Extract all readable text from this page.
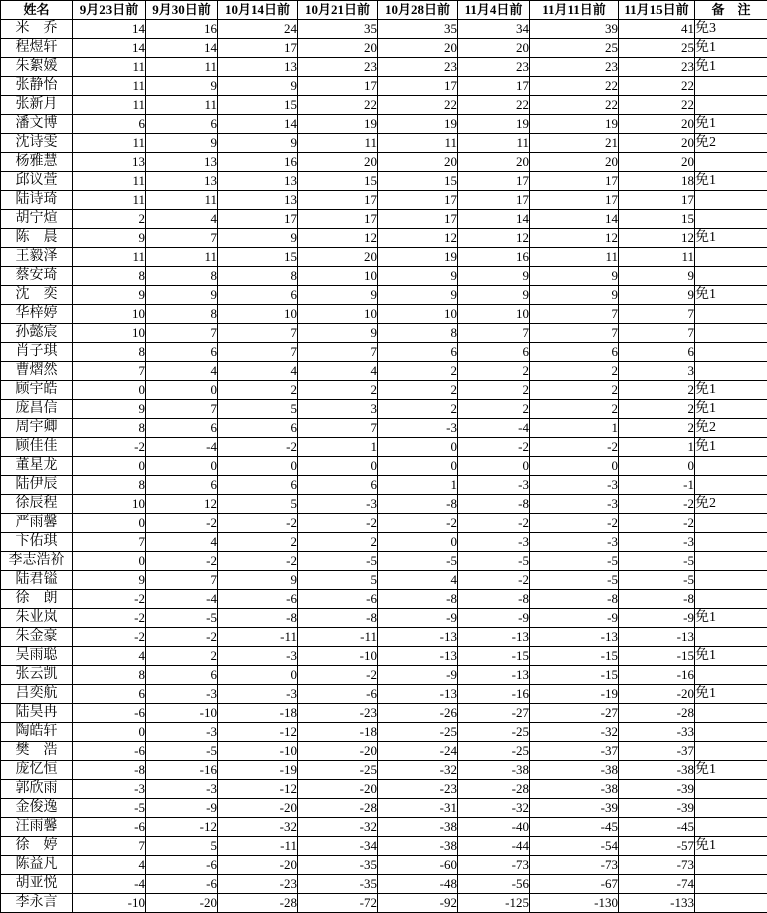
姓名	9月23日前	9月30日前	10月14日前	10月21日前	10月28日前	11月4日前	11月11日前	11月15日前	备　注
米　乔	14	16	24	35	35	34	39	41	免3
程煜轩	14	14	17	20	20	20	25	25	免1
朱絮媛	11	11	13	23	23	23	23	23	免1
张静怡	11	9	9	17	17	17	22	22	
张新月	11	11	15	22	22	22	22	22	
潘文博	6	6	14	19	19	19	19	20	免1
沈诗雯	11	9	9	11	11	11	21	20	免2
杨雅慧	13	13	16	20	20	20	20	20	
邱议萱	11	13	13	15	15	17	17	18	免1
陆诗琦	11	11	13	17	17	17	17	17	
胡宁煊	2	4	17	17	17	14	14	15	
陈　晨	9	7	9	12	12	12	12	12	免1
王毅泽	11	11	15	20	19	16	11	11	
蔡安琦	8	8	8	10	9	9	9	9	
沈　奕	9	9	6	9	9	9	9	9	免1
华梓婷	10	8	10	10	10	10	7	7	
孙懿宸	10	7	7	9	8	7	7	7	
肖子琪	8	6	7	7	6	6	6	6	
曹熠然	7	4	4	4	2	2	2	3	
顾宇皓	0	0	2	2	2	2	2	2	免1
庞昌信	9	7	5	3	2	2	2	2	免1
周宇卿	8	6	6	7	-3	-4	1	2	免2
顾佳佳	-2	-4	-2	1	0	-2	-2	1	免1
董星龙	0	0	0	0	0	0	0	0	
陆伊辰	8	6	6	6	1	-3	-3	-1	
徐辰程	10	12	5	-3	-8	-8	-3	-2	免2
严雨馨	0	-2	-2	-2	-2	-2	-2	-2	
卞佑琪	7	4	2	2	0	-3	-3	-3	
李志浩衸	0	-2	-2	-5	-5	-5	-5	-5	
陆君镒	9	7	9	5	4	-2	-5	-5	
徐　朗	-2	-4	-6	-6	-8	-8	-8	-8	
朱业岚	-2	-5	-8	-8	-9	-9	-9	-9	免1
朱金豪	-2	-2	-11	-11	-13	-13	-13	-13	
吴雨聪	4	2	-3	-10	-13	-15	-15	-15	免1
张云凯	8	6	0	-2	-9	-13	-15	-16	
吕奕航	6	-3	-3	-6	-13	-16	-19	-20	免1
陆昊冉	-6	-10	-18	-23	-26	-27	-27	-28	
陶皓轩	0	-3	-12	-18	-25	-25	-32	-33	
樊　浩	-6	-5	-10	-20	-24	-25	-37	-37	
庞忆恒	-8	-16	-19	-25	-32	-38	-38	-38	免1
郭欣雨	-3	-3	-12	-20	-23	-28	-38	-39	
金俊逸	-5	-9	-20	-28	-31	-32	-39	-39	
汪雨馨	-6	-12	-32	-32	-38	-40	-45	-45	
徐　婷	7	5	-11	-34	-38	-44	-54	-57	免1
陈益凡	4	-6	-20	-35	-60	-73	-73	-73	
胡亚悦	-4	-6	-23	-35	-48	-56	-67	-74	
李永言	-10	-20	-28	-72	-92	-125	-130	-133	
